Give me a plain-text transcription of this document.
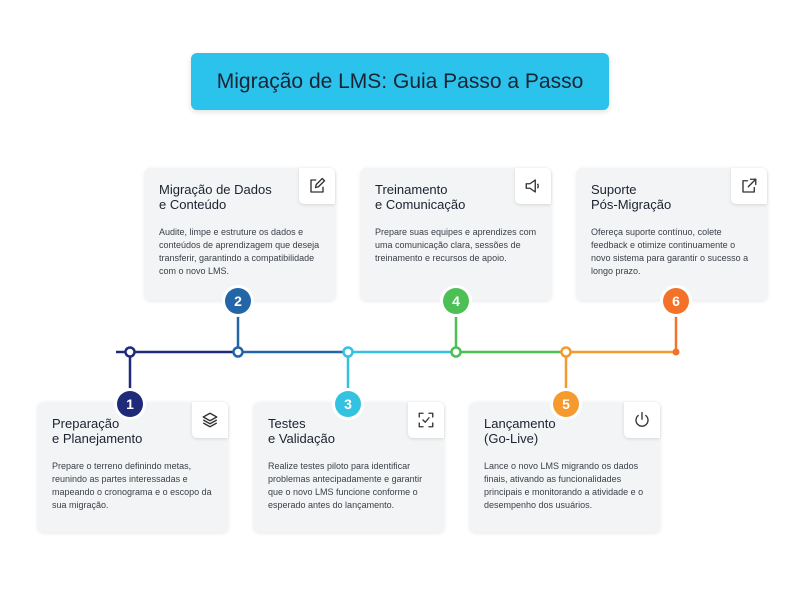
Migração de LMS: Guia Passo a Passo
Preparação
e Planejamento
Prepare o terreno definindo metas, reunindo as partes interessadas e mapeando o cronograma e o escopo da sua migração.
1
Migração de Dados
e Conteúdo
Audite, limpe e estruture os dados e conteúdos de aprendizagem que deseja transferir, garantindo a compatibilidade com o novo LMS.
2
Testes
e Validação
Realize testes piloto para identificar problemas antecipadamente e garantir que o novo LMS funcione conforme o esperado antes do lançamento.
3
Treinamento
e Comunicação
Prepare suas equipes e aprendizes com uma comunicação clara, sessões de treinamento e recursos de apoio.
4
Lançamento
(Go-Live)
Lance o novo LMS migrando os dados finais, ativando as funcionalidades principais e monitorando a atividade e o desempenho dos usuários.
5
Suporte
Pós-Migração
Ofereça suporte contínuo, colete feedback e otimize continuamente o novo sistema para garantir o sucesso a longo prazo.
6
